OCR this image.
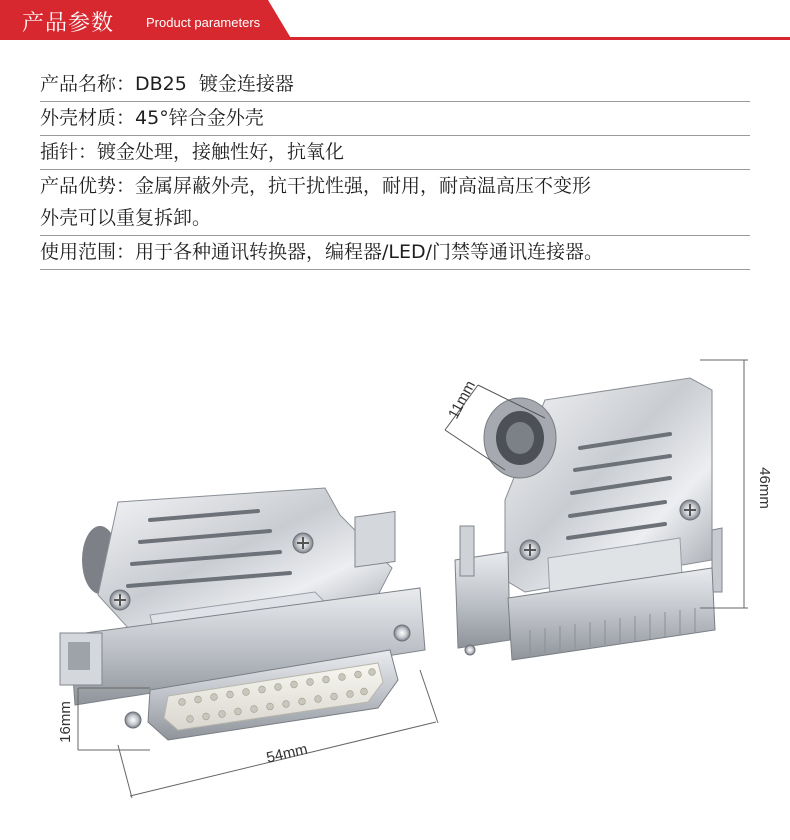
产品参数 Product parameters
产品名称：DB25  镀金连接器
外壳材质：45°锌合金外壳
插针：镀金处理，接触性好，抗氧化
产品优势：金属屏蔽外壳，抗干扰性强，耐用，耐高温高压不变形
外壳可以重复拆卸。
使用范围：用于各种通讯转换器，编程器/LED/门禁等通讯连接器。
16mm
54mm
11mm
46mm
